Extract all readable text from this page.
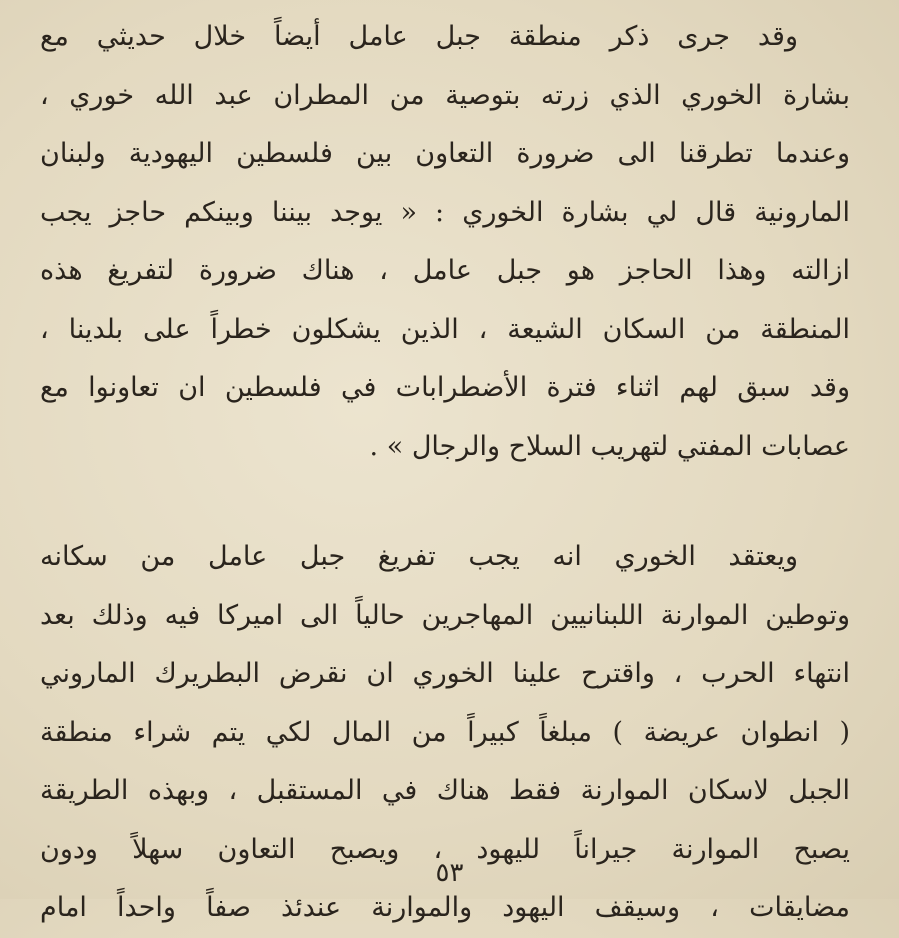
وقد جرى ذكر منطقة جبل عامل أيضاً خلال حديثي مع
بشارة الخوري الذي زرته بتوصية من المطران عبد الله خوري ،
وعندما تطرقنا الى ضرورة التعاون بين فلسطين اليهودية ولبنان
المارونية قال لي بشارة الخوري : « يوجد بيننا وبينكم حاجز يجب
ازالته وهذا الحاجز هو جبل عامل ، هناك ضرورة لتفريغ هذه
المنطقة من السكان الشيعة ، الذين يشكلون خطراً على بلدينا ،
وقد سبق لهم اثناء فترة الأضطرابات في فلسطين ان تعاونوا مع
عصابات المفتي لتهريب السلاح والرجال » .
ويعتقد الخوري انه يجب تفريغ جبل عامل من سكانه
وتوطين الموارنة اللبنانيين المهاجرين حالياً الى اميركا فيه وذلك بعد
انتهاء الحرب ، واقترح علينا الخوري ان نقرض البطريرك الماروني
( انطوان عريضة ) مبلغاً كبيراً من المال لكي يتم شراء منطقة
الجبل لاسكان الموارنة فقط هناك في المستقبل ، وبهذه الطريقة
يصبح الموارنة جيراناً لليهود ، ويصبح التعاون سهلاً ودون
مضايقات ، وسيقف اليهود والموارنة عندئذ صفاً واحداً امام
٥٣
